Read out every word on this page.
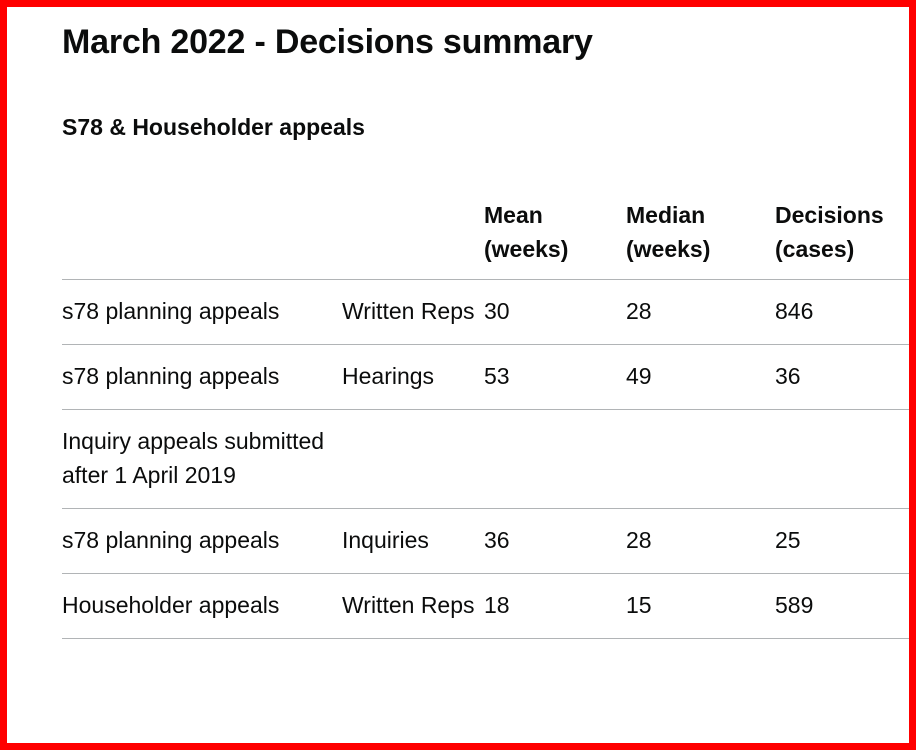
March 2022 - Decisions summary
S78 & Householder appeals
		Mean (weeks)	Median (weeks)	Decisions (cases)
s78 planning appeals	Written Reps	30	28	846
s78 planning appeals	Hearings	53	49	36
Inquiry appeals submitted after 1 April 2019				
s78 planning appeals	Inquiries	36	28	25
Householder appeals	Written Reps	18	15	589
